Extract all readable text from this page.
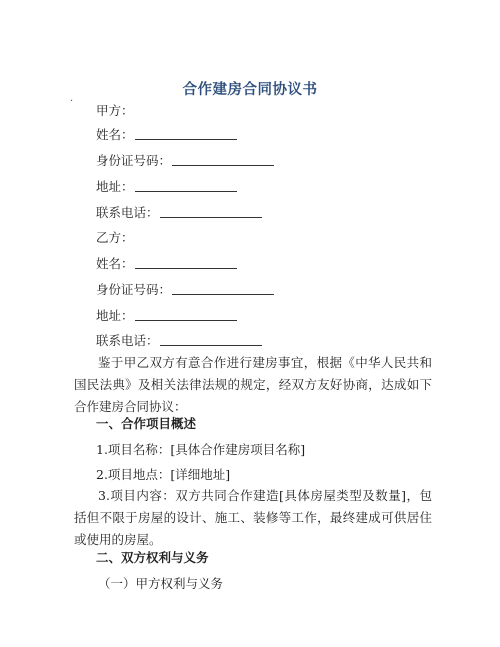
合作建房合同协议书
·
甲方：
姓名：
身份证号码：
地址：
联系电话：
乙方：
姓名：
身份证号码：
地址：
联系电话：
鉴于甲乙双方有意合作进行建房事宜，根据《中华人民共和国民法典》及相关法律法规的规定，经双方友好协商，达成如下合作建房合同协议：
一、合作项目概述
1.项目名称：[具体合作建房项目名称]
2.项目地点：[详细地址]
3.项目内容：双方共同合作建造[具体房屋类型及数量]，包括但不限于房屋的设计、施工、装修等工作，最终建成可供居住或使用的房屋。
二、双方权利与义务
（一）甲方权利与义务
